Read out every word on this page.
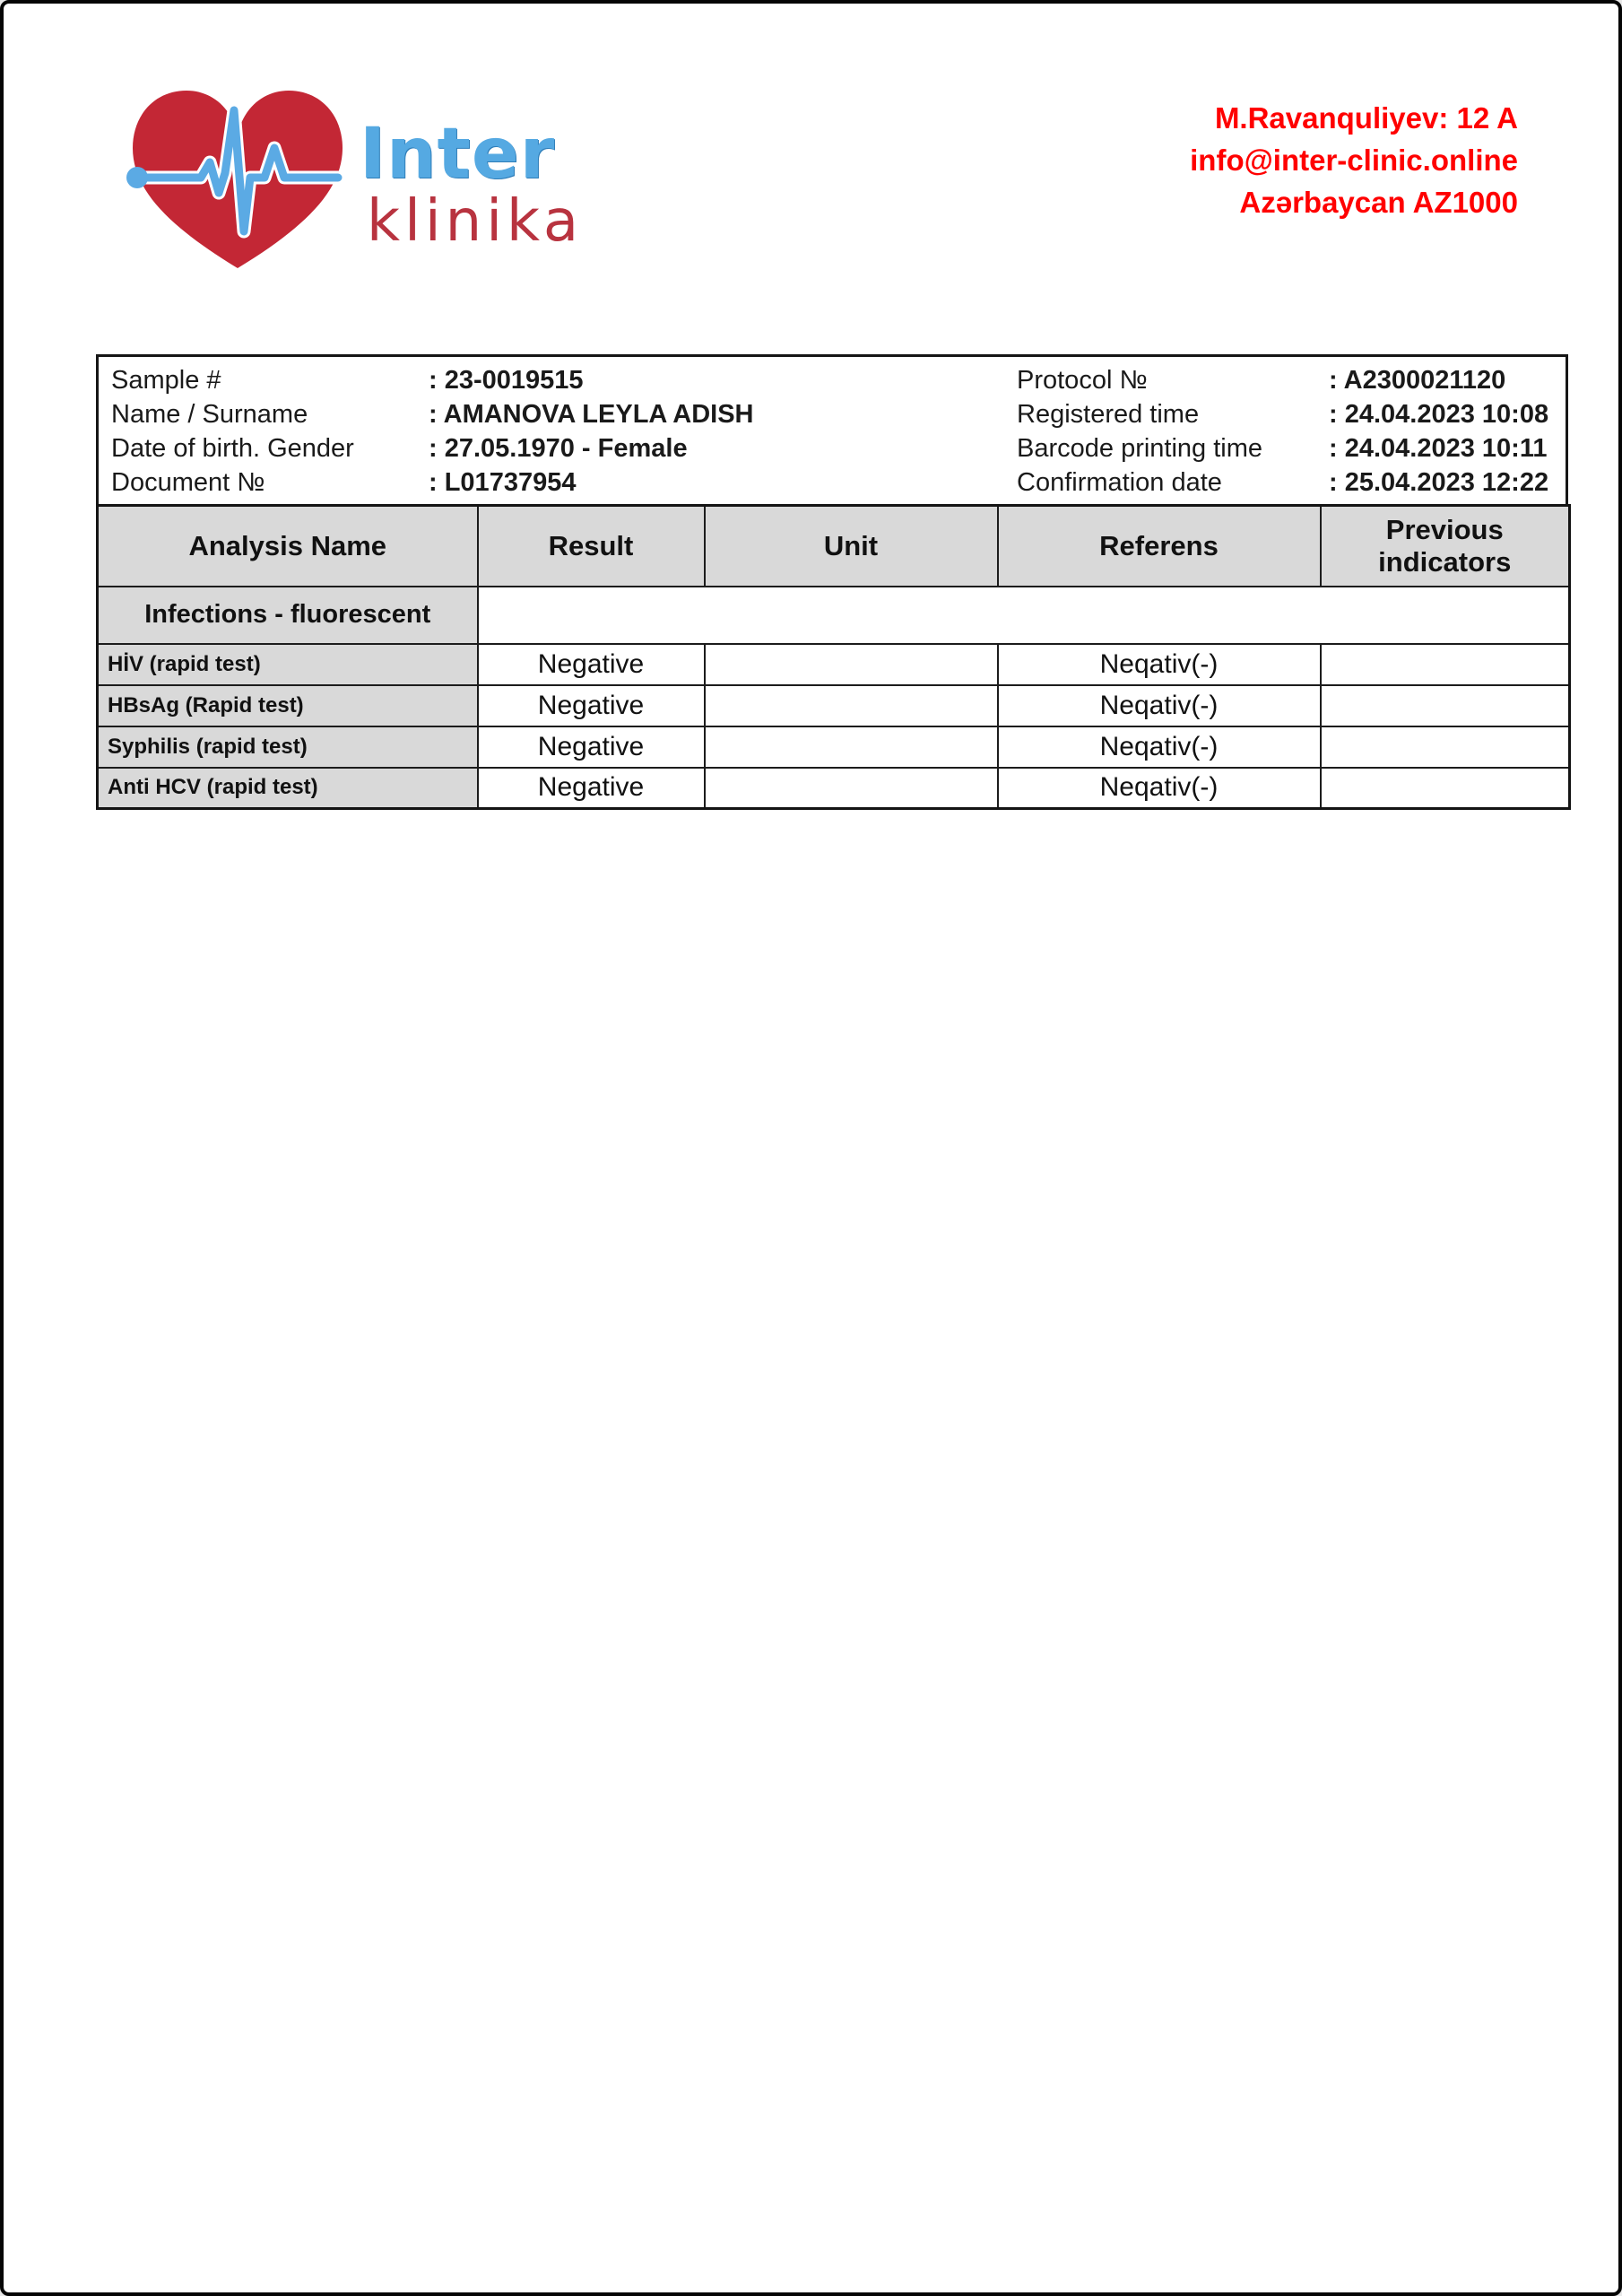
Inter
klinika
M.Ravanquliyev: 12 A
info@inter-clinic.online
Azərbaycan AZ1000
Sample #	: 23-0019515	Protocol №	: A2300021120
Name / Surname	: AMANOVA LEYLA ADISH	Registered time	: 24.04.2023 10:08
Date of birth. Gender	: 27.05.1970 - Female	Barcode printing time	: 24.04.2023 10:11
Document №	: L01737954	Confirmation date	: 25.04.2023 12:22
Analysis Name	Result	Unit	Referens	Previous indicators
Infections - fluorescent				
HİV (rapid test)	Negative		Neqativ(-)	
HBsAg (Rapid test)	Negative		Neqativ(-)	
Syphilis (rapid test)	Negative		Neqativ(-)	
Anti HCV (rapid test)	Negative		Neqativ(-)	
